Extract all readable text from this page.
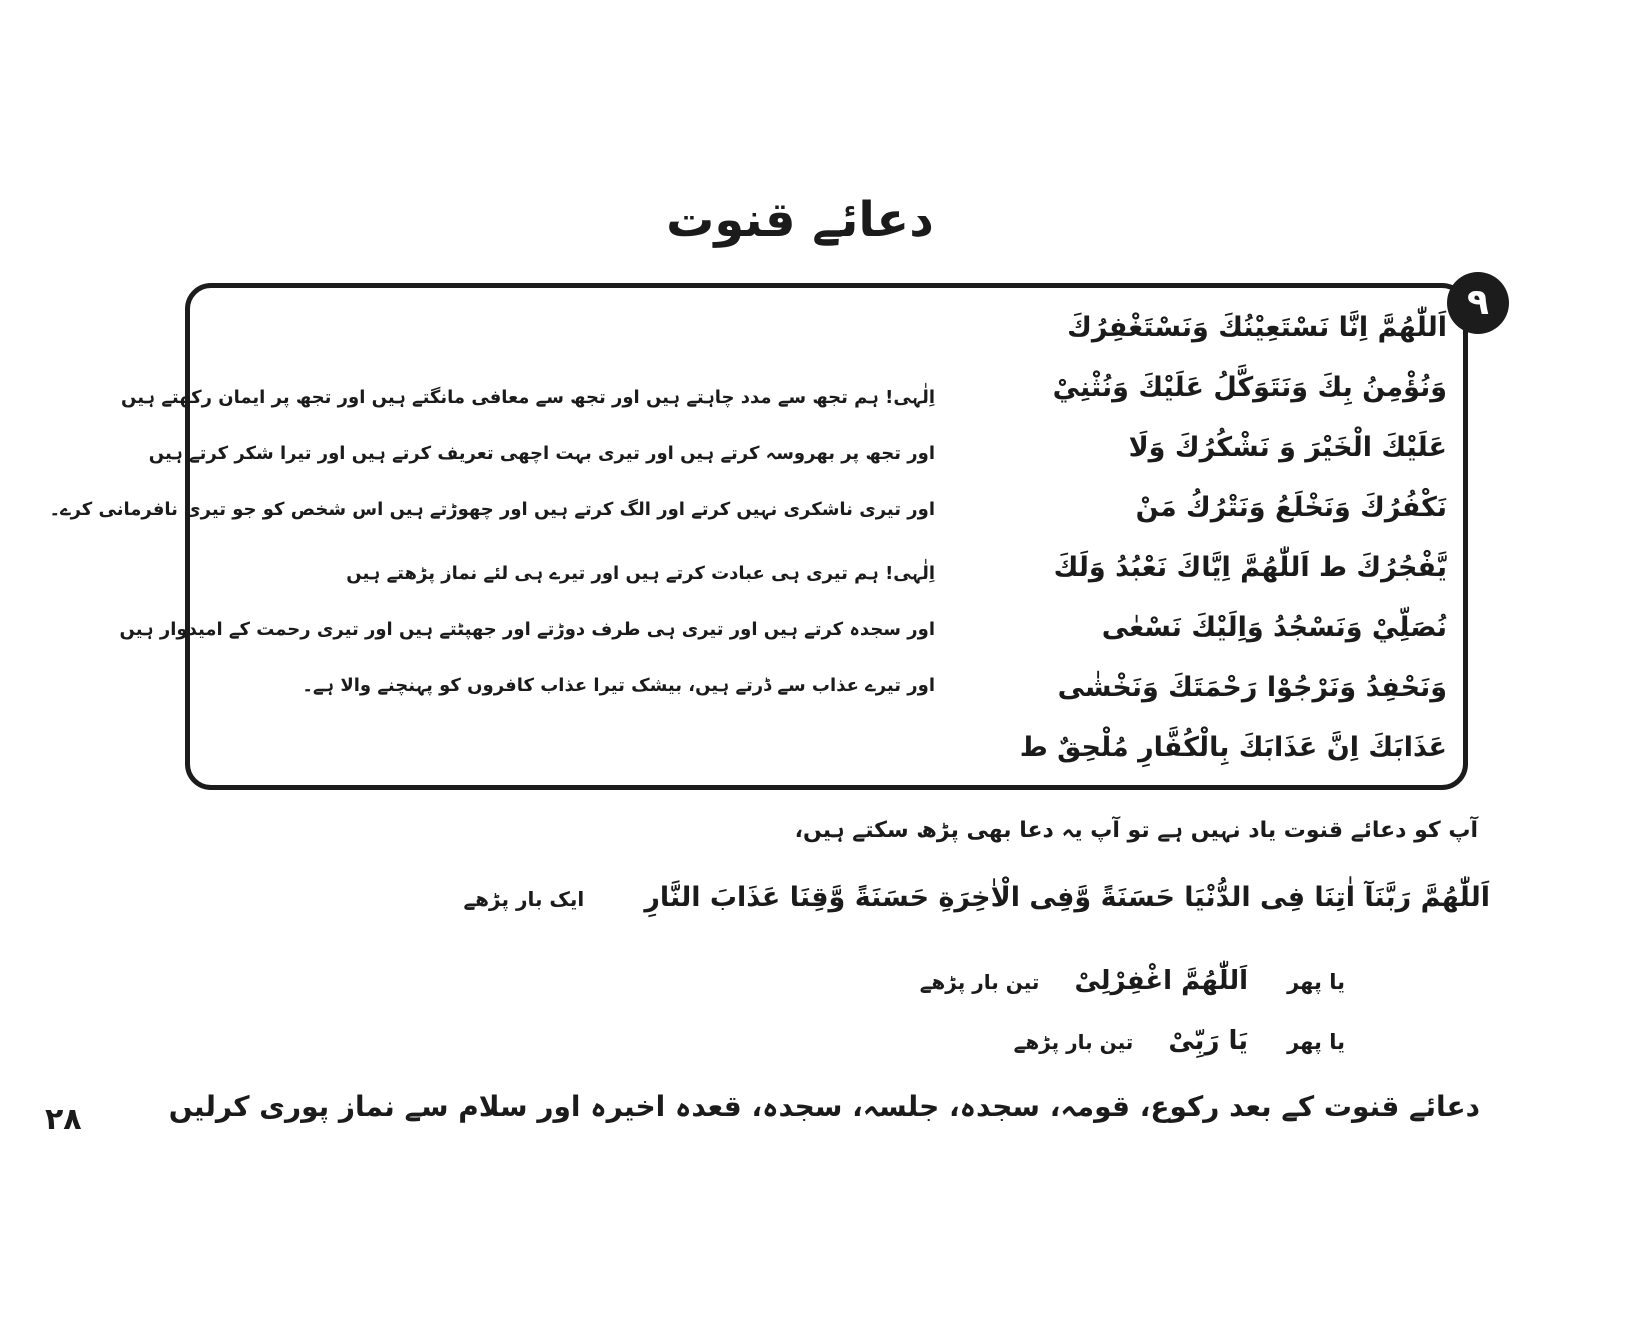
دعائے قنوت
۹
اَللّٰهُمَّ اِنَّا نَسْتَعِيْنُكَ وَنَسْتَغْفِرُكَ
وَنُؤْمِنُ بِكَ وَنَتَوَكَّلُ عَلَيْكَ وَنُثْنِيْ
عَلَيْكَ الْخَيْرَ وَ نَشْكُرُكَ وَلَا
نَكْفُرُكَ وَنَخْلَعُ وَنَتْرُكُ مَنْ
يَّفْجُرُكَ ط اَللّٰهُمَّ اِيَّاكَ نَعْبُدُ وَلَكَ
نُصَلِّيْ وَنَسْجُدُ وَاِلَيْكَ نَسْعٰى
وَنَحْفِدُ وَنَرْجُوْا رَحْمَتَكَ وَنَخْشٰى
عَذَابَكَ اِنَّ عَذَابَكَ بِالْكُفَّارِ مُلْحِقٌ ط
اِلٰہی! ہم تجھ سے مدد چاہتے ہیں اور تجھ سے معافی مانگتے ہیں اور تجھ پر ایمان رکھتے ہیں
اور تجھ پر بھروسہ کرتے ہیں اور تیری بہت اچھی تعریف کرتے ہیں اور تیرا شکر کرتے ہیں
اور تیری ناشکری نہیں کرتے اور الگ کرتے ہیں اور چھوڑتے ہیں اس شخص کو جو تیری نافرمانی کرے۔
اِلٰہی! ہم تیری ہی عبادت کرتے ہیں اور تیرے ہی لئے نماز پڑھتے ہیں
اور سجدہ کرتے ہیں اور تیری ہی طرف دوڑتے اور جھپٹتے ہیں اور تیری رحمت کے امیدوار ہیں
اور تیرے عذاب سے ڈرتے ہیں، بیشک تیرا عذاب کافروں کو پہنچنے والا ہے۔
آپ کو دعائے قنوت یاد نہیں ہے تو آپ یہ دعا بھی پڑھ سکتے ہیں،
اَللّٰهُمَّ رَبَّنَآ اٰتِنَا فِى الدُّنْيَا حَسَنَةً وَّفِى الْاٰخِرَةِ حَسَنَةً وَّقِنَا عَذَابَ النَّارِ ایک بار پڑھے
یا پھر اَللّٰهُمَّ اغْفِرْلِیْ تین بار پڑھے
یا پھر یَا رَبِّیْ تین بار پڑھے
دعائے قنوت کے بعد رکوع، قومہ، سجدہ، جلسہ، سجدہ، قعدہ اخیرہ اور سلام سے نماز پوری کرلیں
۲۸
